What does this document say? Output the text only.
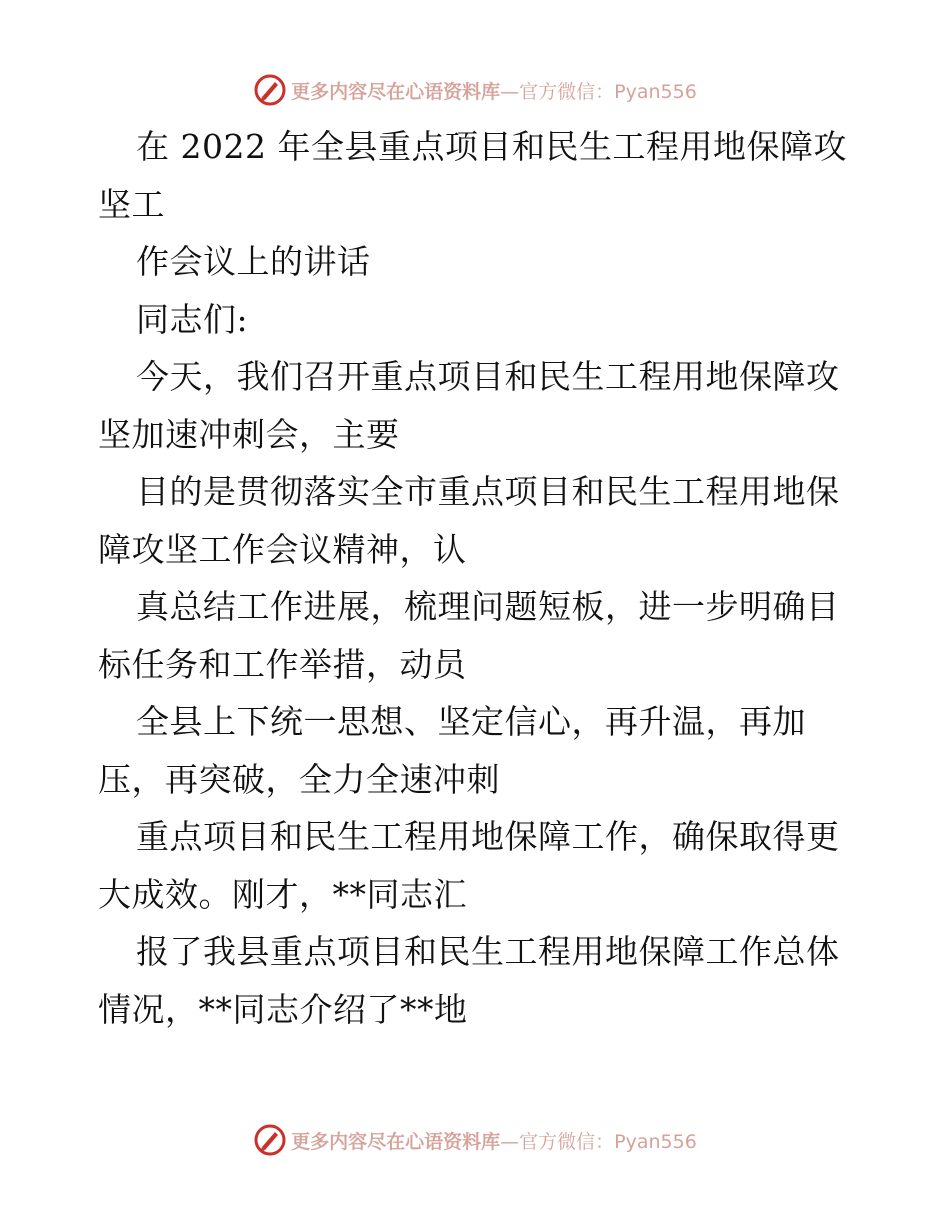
更多内容尽在心语资料库 —官方微信：Pyan556
在 2022 年全县重点项目和民生工程用地保障攻
坚工
作会议上的讲话
同志们:
今天，我们召开重点项目和民生工程用地保障攻
坚加速冲刺会，主要
目的是贯彻落实全市重点项目和民生工程用地保
障攻坚工作会议精神，认
真总结工作进展，梳理问题短板，进一步明确目
标任务和工作举措，动员
全县上下统一思想、坚定信心，再升温，再加
压，再突破，全力全速冲刺
重点项目和民生工程用地保障工作，确保取得更
大成效。刚才，**同志汇
报了我县重点项目和民生工程用地保障工作总体
情况，**同志介绍了**地
更多内容尽在心语资料库 —官方微信：Pyan556
